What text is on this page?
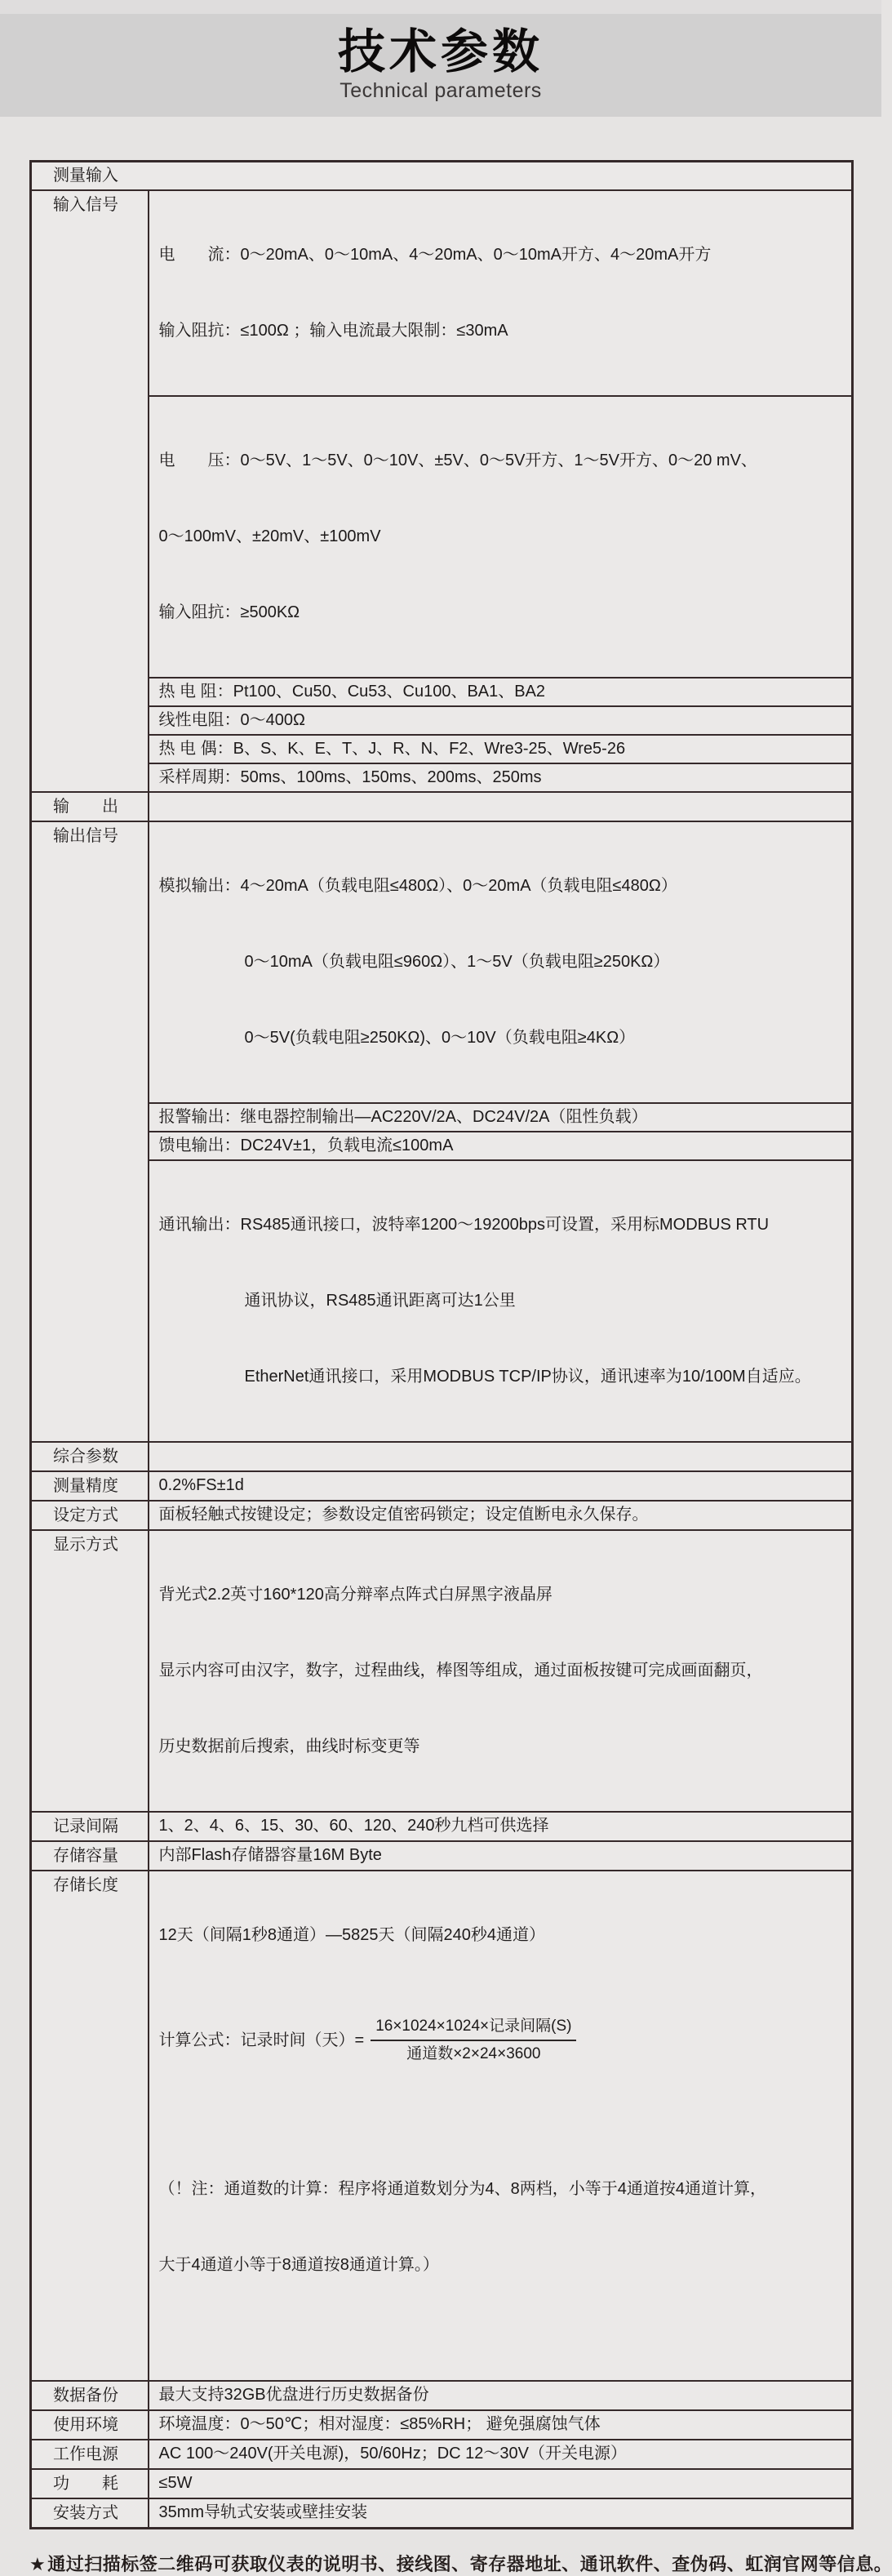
技术参数
Technical parameters
测量输入	
输入信号	电　　流：0～20mA、0～10mA、4～20mA、0～10mA开方、4～20mA开方

输入阻抗：≤100Ω ；输入电流最大限制：≤30mA

	电　　压：0～5V、1～5V、0～10V、±5V、0～5V开方、1～5V开方、0～20 mV、

0～100mV、±20mV、±100mV

输入阻抗：≥500KΩ

	热 电 阻：Pt100、Cu50、Cu53、Cu100、BA1、BA2
	线性电阻：0～400Ω
	热 电 偶：B、S、K、E、T、J、R、N、F2、Wre3-25、Wre5-26
	采样周期：50ms、100ms、150ms、200ms、250ms
输　　出	
输出信号	模拟输出：4～20mA（负载电阻≤480Ω）、0～20mA（负载电阻≤480Ω）

0～10mA（负载电阻≤960Ω）、1～5V（负载电阻≥250KΩ）

0～5V(负载电阻≥250KΩ)、0～10V（负载电阻≥4KΩ）

	报警输出：继电器控制输出—AC220V/2A、DC24V/2A（阻性负载）
	馈电输出：DC24V±1，负载电流≤100mA

	通讯输出：RS485通讯接口，波特率1200～19200bps可设置，采用标MODBUS RTU

通讯协议，RS485通讯距离可达1公里

EtherNet通讯接口，采用MODBUS TCP/IP协议，通讯速率为10/100M自适应。

综合参数	
测量精度	0.2%FS±1d
设定方式	面板轻触式按键设定；参数设定值密码锁定；设定值断电永久保存。
显示方式	背光式2.2英寸160*120高分辩率点阵式白屏黑字液晶屏

显示内容可由汉字，数字，过程曲线，棒图等组成，通过面板按键可完成画面翻页，

历史数据前后搜索，曲线时标变更等

记录间隔	1、2、4、6、15、30、60、120、240秒九档可供选择
存储容量	内部Flash存储器容量16M Byte
存储长度	

12天（间隔1秒8通道）—5825天（间隔240秒4通道）

计算公式：记录时间（天）= $\frac{\text{16×1024×1024×记录间隔(S)}}{\text{通道数×2×24×3600}}$

（！注：通道数的计算：程序将通道数划分为4、8两档，小等于4通道按4通道计算，

大于4通道小等于8通道按8通道计算。）

数据备份	最大支持32GB优盘进行历史数据备份
使用环境	环境温度：0～50℃；相对湿度：≤85%RH； 避免强腐蚀气体
工作电源	AC 100～240V(开关电源)，50/60Hz；DC 12～30V（开关电源）
功　　耗	≤5W
安装方式	35mm导轨式安装或壁挂安装
★通过扫描标签二维码可获取仪表的说明书、接线图、寄存器地址、通讯软件、查伪码、虹润官网等信息。
